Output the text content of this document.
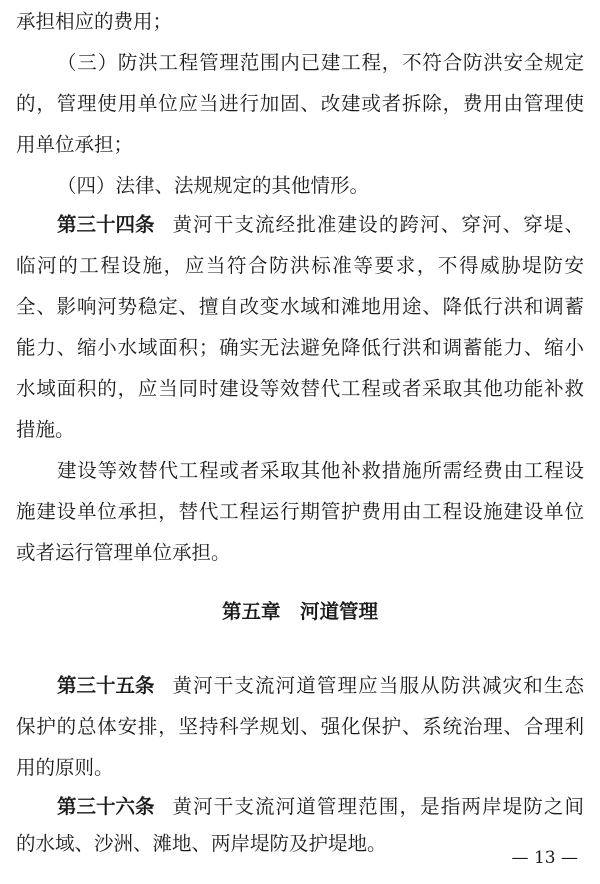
承担相应的费用；
（三）防洪工程管理范围内已建工程，不符合防洪安全规定
的，管理使用单位应当进行加固、改建或者拆除，费用由管理使
用单位承担；
（四）法律、法规规定的其他情形。
第三十四条 黄河干支流经批准建设的跨河、穿河、穿堤、
临河的工程设施，应当符合防洪标准等要求，不得威胁堤防安
全、影响河势稳定、擅自改变水域和滩地用途、降低行洪和调蓄
能力、缩小水域面积；确实无法避免降低行洪和调蓄能力、缩小
水域面积的，应当同时建设等效替代工程或者采取其他功能补救
措施。
建设等效替代工程或者采取其他补救措施所需经费由工程设
施建设单位承担，替代工程运行期管护费用由工程设施建设单位
或者运行管理单位承担。
第五章　河道管理
第三十五条 黄河干支流河道管理应当服从防洪减灾和生态
保护的总体安排，坚持科学规划、强化保护、系统治理、合理利
用的原则。
第三十六条 黄河干支流河道管理范围，是指两岸堤防之间
的水域、沙洲、滩地、两岸堤防及护堤地。
— 13 —
